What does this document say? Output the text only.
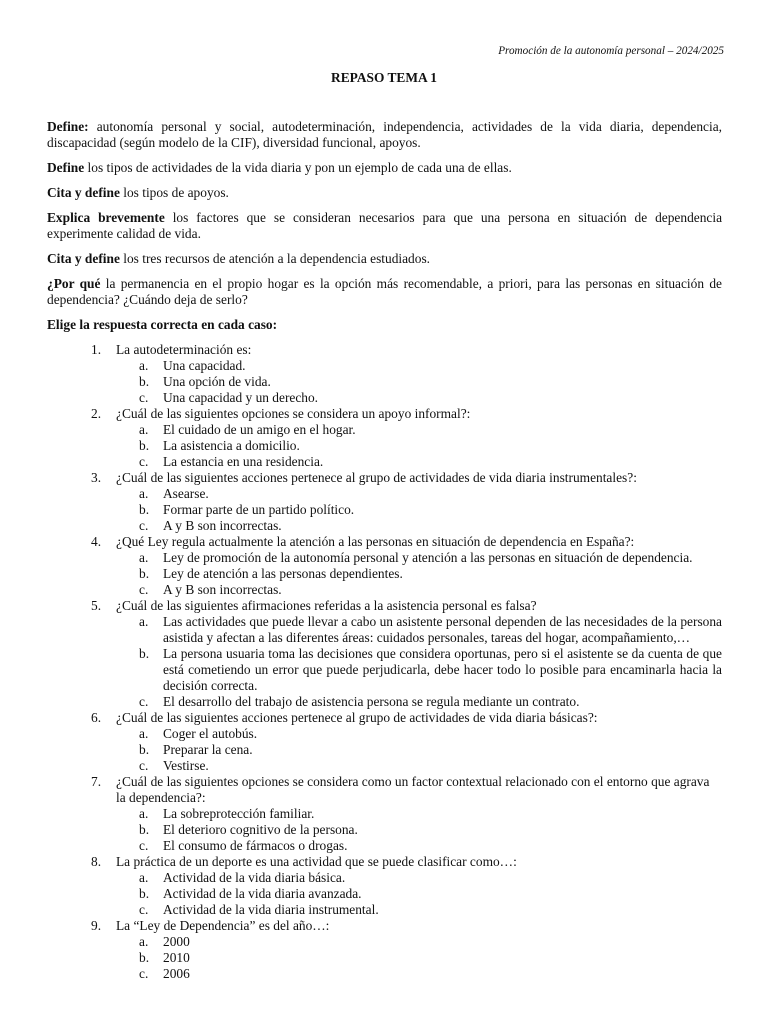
Promoción de la autonomía personal – 2024/2025
REPASO TEMA 1

Define: autonomía personal y social, autodeterminación, independencia, actividades de la vida diaria, dependencia, discapacidad (según modelo de la CIF), diversidad funcional, apoyos.

Define los tipos de actividades de la vida diaria y pon un ejemplo de cada una de ellas.

Cita y define los tipos de apoyos.

Explica brevemente los factores que se consideran necesarios para que una persona en situación de dependencia experimente calidad de vida.

Cita y define los tres recursos de atención a la dependencia estudiados.

¿Por qué la permanencia en el propio hogar es la opción más recomendable, a priori, para las personas en situación de dependencia? ¿Cuándo deja de serlo?

Elige la respuesta correcta en cada caso:
1. La autodeterminación es:
a. Una capacidad.
b. Una opción de vida.
c. Una capacidad y un derecho.
2. ¿Cuál de las siguientes opciones se considera un apoyo informal?:
a. El cuidado de un amigo en el hogar.
b. La asistencia a domicilio.
c. La estancia en una residencia.
3. ¿Cuál de las siguientes acciones pertenece al grupo de actividades de vida diaria instrumentales?:
a. Asearse.
b. Formar parte de un partido político.
c. A y B son incorrectas.
4. ¿Qué Ley regula actualmente la atención a las personas en situación de dependencia en España?:
a. Ley de promoción de la autonomía personal y atención a las personas en situación de dependencia.
b. Ley de atención a las personas dependientes.
c. A y B son incorrectas.
5. ¿Cuál de las siguientes afirmaciones referidas a la asistencia personal es falsa?
a. Las actividades que puede llevar a cabo un asistente personal dependen de las necesidades de la persona asistida y afectan a las diferentes áreas: cuidados personales, tareas del hogar, acompañamiento,…
b. La persona usuaria toma las decisiones que considera oportunas, pero si el asistente se da cuenta de que está cometiendo un error que puede perjudicarla, debe hacer todo lo posible para encaminarla hacia la decisión correcta.
c. El desarrollo del trabajo de asistencia persona se regula mediante un contrato.
6. ¿Cuál de las siguientes acciones pertenece al grupo de actividades de vida diaria básicas?:
a. Coger el autobús.
b. Preparar la cena.
c. Vestirse.
7. ¿Cuál de las siguientes opciones se considera como un factor contextual relacionado con el entorno que agrava la dependencia?:
a. La sobreprotección familiar.
b. El deterioro cognitivo de la persona.
c. El consumo de fármacos o drogas.
8. La práctica de un deporte es una actividad que se puede clasificar como…:
a. Actividad de la vida diaria básica.
b. Actividad de la vida diaria avanzada.
c. Actividad de la vida diaria instrumental.
9. La “Ley de Dependencia” es del año…:
a. 2000
b. 2010
c. 2006
